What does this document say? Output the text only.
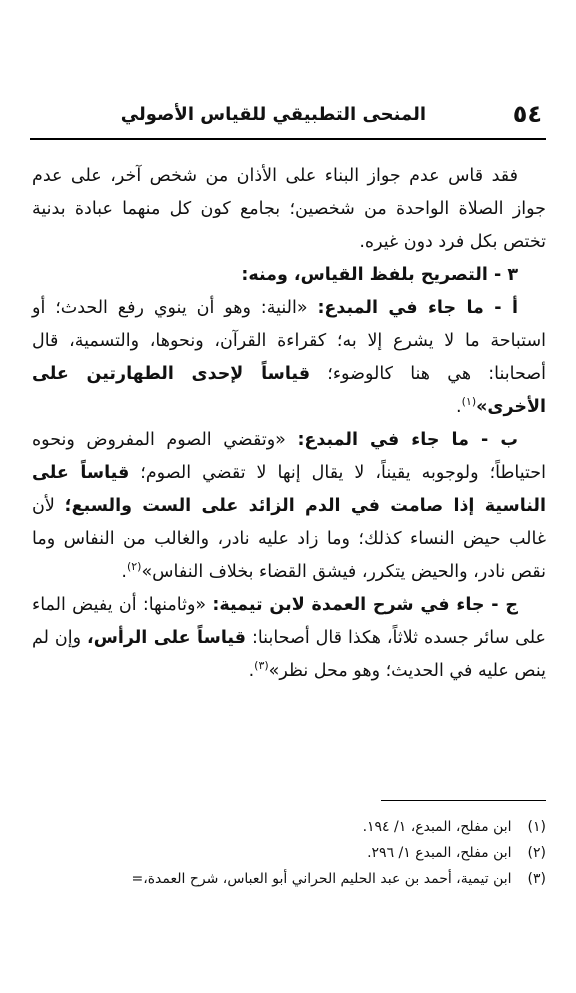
٥٤
المنحى التطبيقي للقياس الأصولي

فقد قاس عدم جواز البناء على الأذان من شخص آخر، على عدم جواز الصلاة الواحدة من شخصين؛ بجامع كون كل منهما عبادة بدنية تختص بكل فرد دون غيره.

٣ - التصريح بلفظ القياس، ومنه:

أ - ما جاء في المبدع: «النية: وهو أن ينوي رفع الحدث؛ أو استباحة ما لا يشرع إلا به؛ كقراءة القرآن، ونحوها، والتسمية، قال أصحابنا: هي هنا كالوضوء؛ قياساً لإحدى الطهارتين على الأخرى»$^{(١)}$.

ب - ما جاء في المبدع: «وتقضي الصوم المفروض ونحوه احتياطاً؛ ولوجوبه يقيناً، لا يقال إنها لا تقضي الصوم؛ قياساً على الناسية إذا صامت في الدم الزائد على الست والسبع؛ لأن غالب حيض النساء كذلك؛ وما زاد عليه نادر، والغالب من النفاس وما نقص نادر، والحيض يتكرر، فيشق القضاء بخلاف النفاس»$^{(٢)}$.

ج - جاء في شرح العمدة لابن تيمية: «وثامنها: أن يفيض الماء على سائر جسده ثلاثاً، هكذا قال أصحابنا: قياساً على الرأس، وإن لم ينص عليه في الحديث؛ وهو محل نظر»$^{(٣)}$.

(١) ابن مفلح، المبدع، ١/ ١٩٤.
(٢) ابن مفلح، المبدع ١/ ٢٩٦.
(٣) ابن تيمية، أحمد بن عبد الحليم الحراني أبو العباس، شرح العمدة،=
